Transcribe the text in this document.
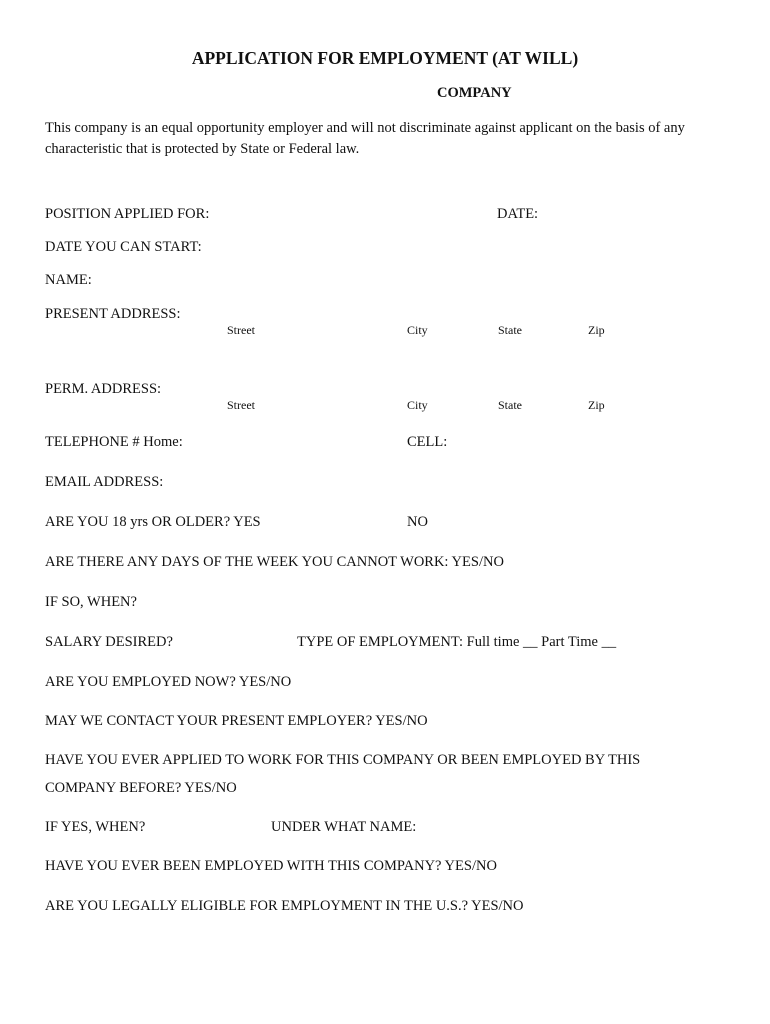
APPLICATION FOR EMPLOYMENT (AT WILL)
COMPANY
This company is an equal opportunity employer and will not discriminate against applicant on the basis of any characteristic that is protected by State or Federal law.
POSITION APPLIED FOR:	DATE:
DATE YOU CAN START:
NAME:
PRESENT ADDRESS:
Street	City	State	Zip
PERM. ADDRESS:
Street	City	State	Zip
TELEPHONE # Home:	CELL:
EMAIL ADDRESS:
ARE YOU 18 yrs OR OLDER? YES	NO
ARE THERE ANY DAYS OF THE WEEK YOU CANNOT WORK: YES/NO
IF SO, WHEN?
SALARY DESIRED?	TYPE OF EMPLOYMENT: Full time __ Part Time __
ARE YOU EMPLOYED NOW? YES/NO
MAY WE CONTACT YOUR PRESENT EMPLOYER? YES/NO
HAVE YOU EVER APPLIED TO WORK FOR THIS COMPANY OR BEEN EMPLOYED BY THIS
COMPANY BEFORE? YES/NO
IF YES, WHEN?	UNDER WHAT NAME:
HAVE YOU EVER BEEN EMPLOYED WITH THIS COMPANY? YES/NO
ARE YOU LEGALLY ELIGIBLE FOR EMPLOYMENT IN THE U.S.? YES/NO
